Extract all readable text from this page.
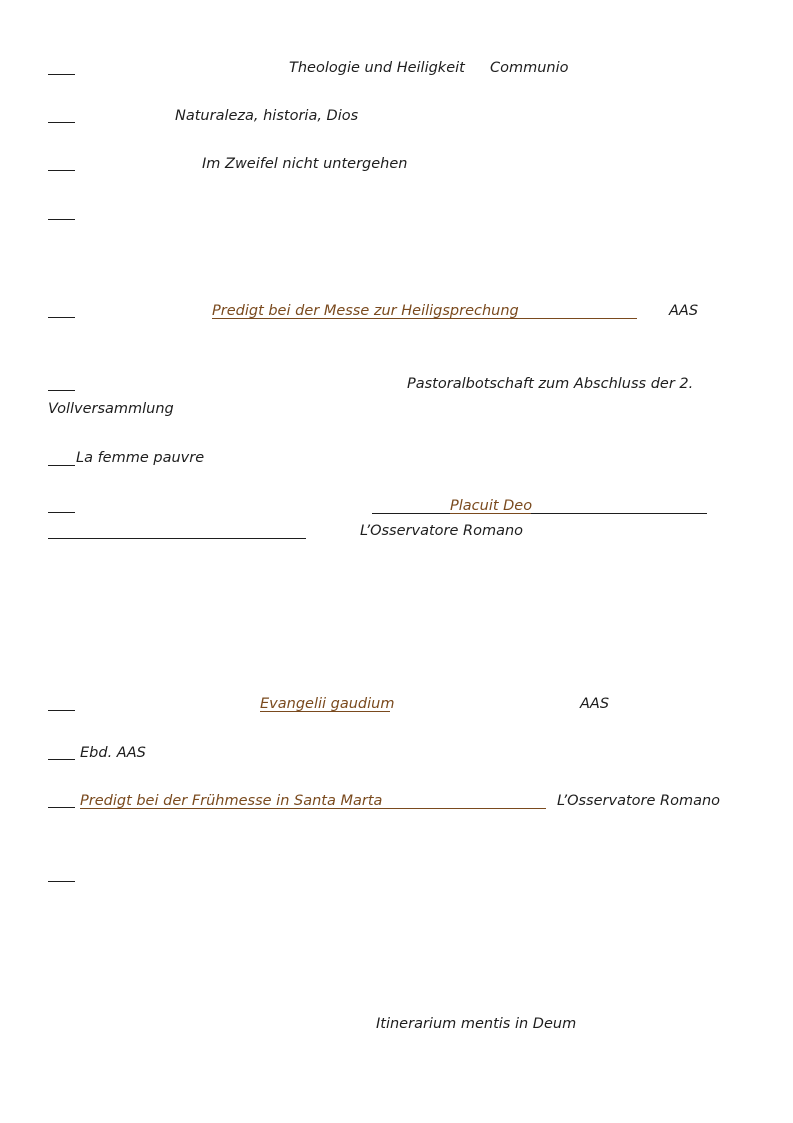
Theologie und Heiligkeit Communio
Naturaleza, historia, Dios
Im Zweifel nicht untergehen
Predigt bei der Messe zur Heiligsprechung	AAS
Pastoralbotschaft zum Abschluss der 2.
Vollversammlung
La femme pauvre
Placuit Deo
L’Osservatore Romano
Evangelii gaudium	AAS
Ebd. AAS
Predigt bei der Frühmesse in Santa Marta	L’Osservatore Romano
Itinerarium mentis in Deum
